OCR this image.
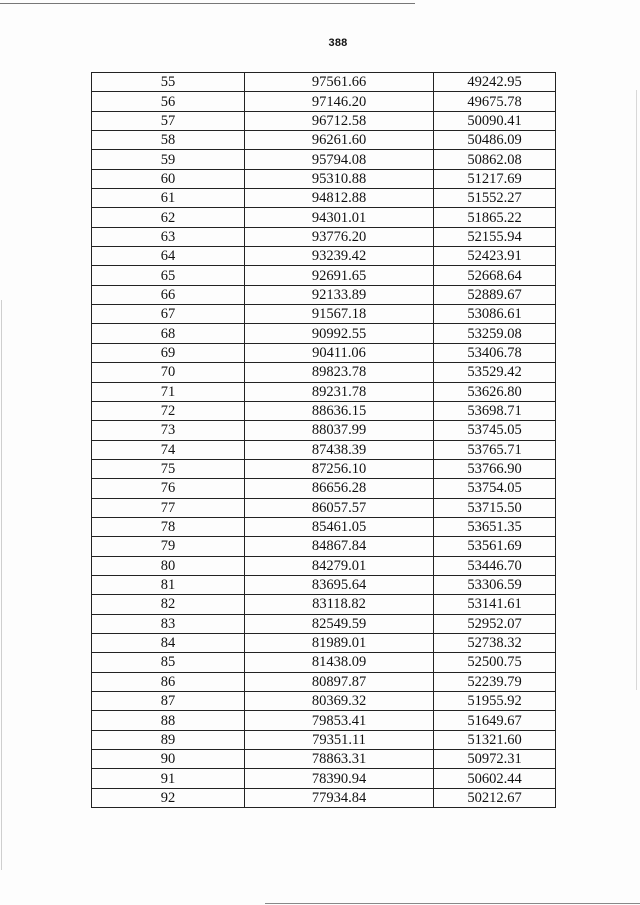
388
55	97561.66	49242.95
56	97146.20	49675.78
57	96712.58	50090.41
58	96261.60	50486.09
59	95794.08	50862.08
60	95310.88	51217.69
61	94812.88	51552.27
62	94301.01	51865.22
63	93776.20	52155.94
64	93239.42	52423.91
65	92691.65	52668.64
66	92133.89	52889.67
67	91567.18	53086.61
68	90992.55	53259.08
69	90411.06	53406.78
70	89823.78	53529.42
71	89231.78	53626.80
72	88636.15	53698.71
73	88037.99	53745.05
74	87438.39	53765.71
75	87256.10	53766.90
76	86656.28	53754.05
77	86057.57	53715.50
78	85461.05	53651.35
79	84867.84	53561.69
80	84279.01	53446.70
81	83695.64	53306.59
82	83118.82	53141.61
83	82549.59	52952.07
84	81989.01	52738.32
85	81438.09	52500.75
86	80897.87	52239.79
87	80369.32	51955.92
88	79853.41	51649.67
89	79351.11	51321.60
90	78863.31	50972.31
91	78390.94	50602.44
92	77934.84	50212.67
